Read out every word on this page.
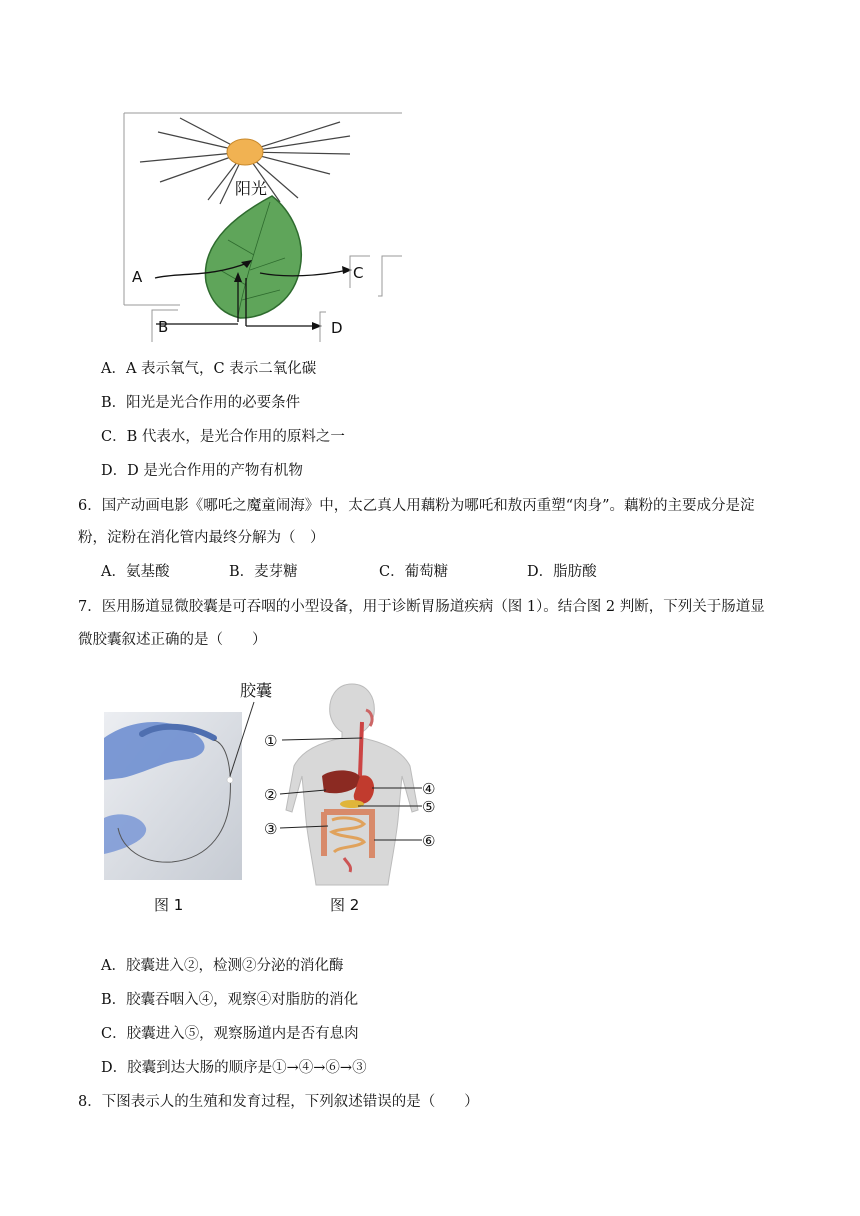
阳光
A
B
C
D
A．A 表示氧气，C 表示二氧化碳
B．阳光是光合作用的必要条件
C．B 代表水，是光合作用的原料之一
D．D 是光合作用的产物有机物
6．国产动画电影《哪吒之魔童闹海》中，太乙真人用藕粉为哪吒和敖丙重塑“肉身”。藕粉的主要成分是淀
粉，淀粉在消化管内最终分解为（　）
A．氨基酸	B．麦芽糖	C．葡萄糖	D．脂肪酸
7．医用肠道显微胶囊是可吞咽的小型设备，用于诊断胃肠道疾病（图 1）。结合图 2 判断，下列关于肠道显
微胶囊叙述正确的是（　　）
胶囊
图 1
①
②
③
④
⑤
⑥
图 2
A．胶囊进入②，检测②分泌的消化酶
B．胶囊吞咽入④，观察④对脂肪的消化
C．胶囊进入⑤，观察肠道内是否有息肉
D．胶囊到达大肠的顺序是①→④→⑥→③
8．下图表示人的生殖和发育过程，下列叙述错误的是（　　）
